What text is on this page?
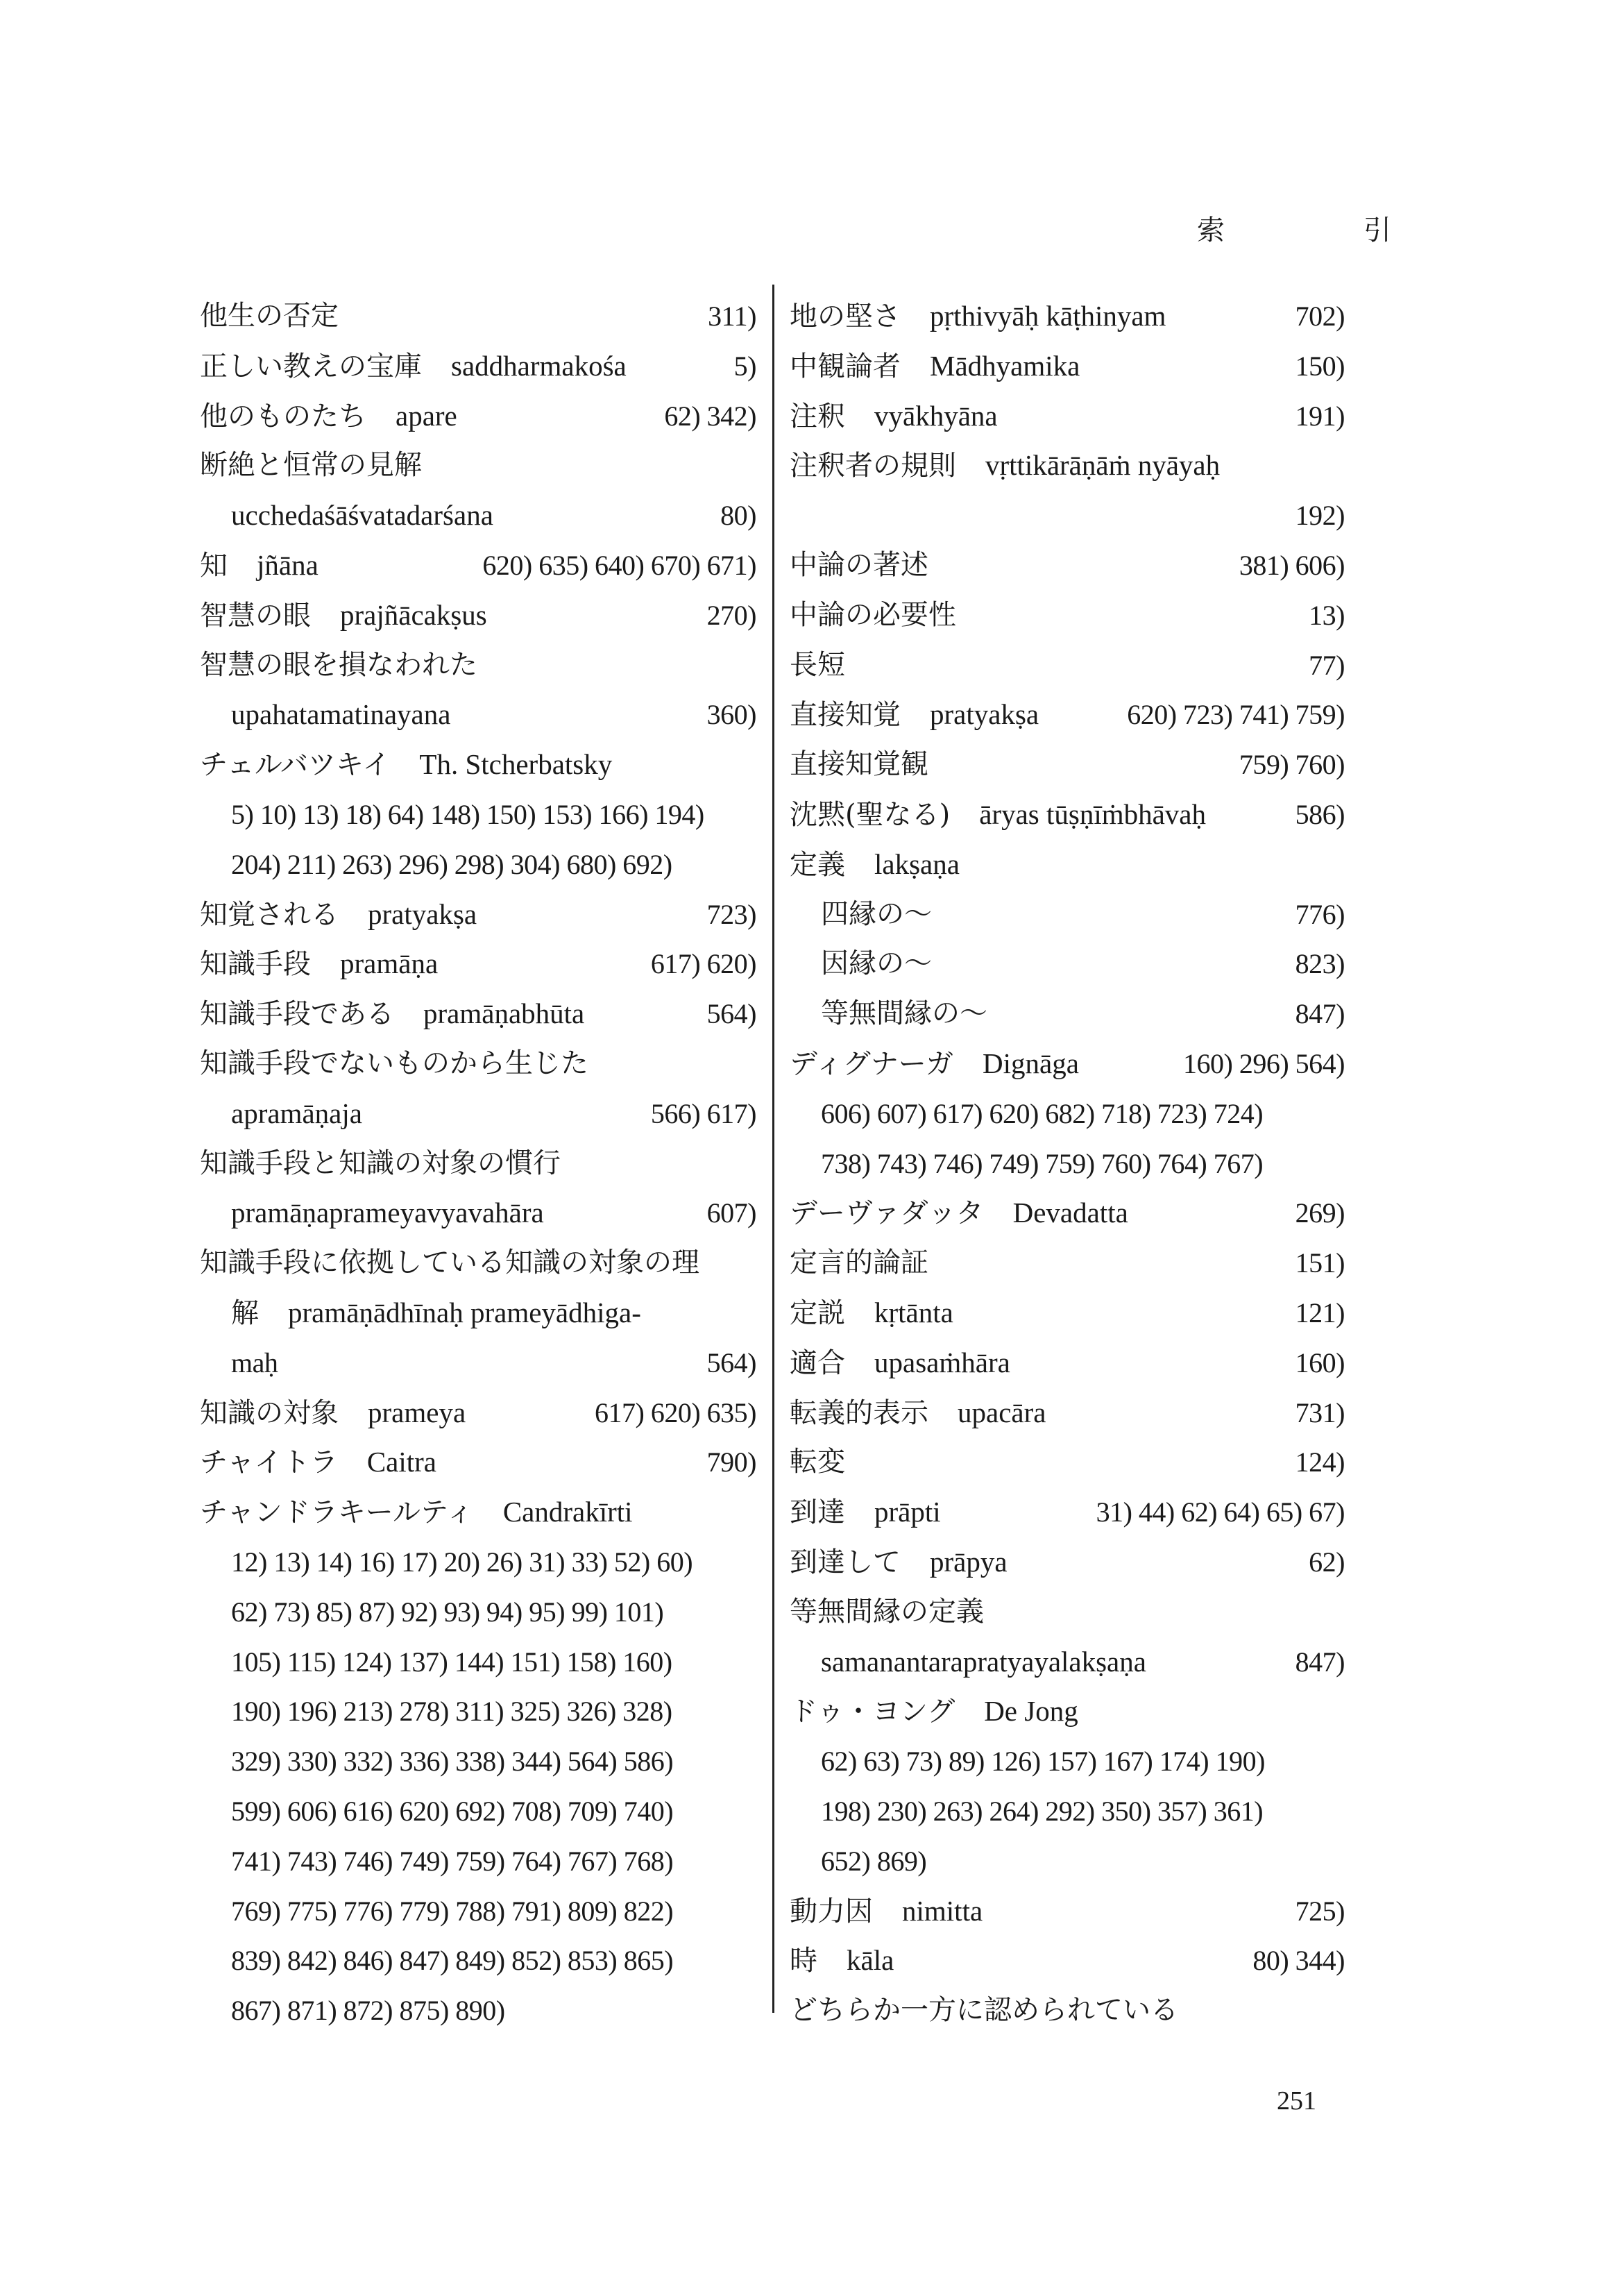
索　引
他生の否定	311)
正しい教えの宝庫 saddharmakośa	5)
他のものたち apare	62) 342)
断絶と恒常の見解
ucchedaśāśvatadarśana	80)
知 jñāna	620) 635) 640) 670) 671)
智慧の眼 prajñācakṣus	270)
智慧の眼を損なわれた
upahatamatinayana	360)
チェルバツキイ Th. Stcherbatsky
5) 10) 13) 18) 64) 148) 150) 153) 166) 194)
204) 211) 263) 296) 298) 304) 680) 692)
知覚される pratyakṣa	723)
知識手段 pramāṇa	617) 620)
知識手段である pramāṇabhūta	564)
知識手段でないものから生じた
apramāṇaja	566) 617)
知識手段と知識の対象の慣行
pramāṇaprameyavyavahāra	607)
知識手段に依拠している知識の対象の理
解 pramāṇādhīnaḥ prameyādhiga-
maḥ	564)
知識の対象 prameya	617) 620) 635)
チャイトラ Caitra	790)
チャンドラキールティ Candrakīrti
12) 13) 14) 16) 17) 20) 26) 31) 33) 52) 60)
62) 73) 85) 87) 92) 93) 94) 95) 99) 101)
105) 115) 124) 137) 144) 151) 158) 160)
190) 196) 213) 278) 311) 325) 326) 328)
329) 330) 332) 336) 338) 344) 564) 586)
599) 606) 616) 620) 692) 708) 709) 740)
741) 743) 746) 749) 759) 764) 767) 768)
769) 775) 776) 779) 788) 791) 809) 822)
839) 842) 846) 847) 849) 852) 853) 865)
867) 871) 872) 875) 890)
地の堅さ pṛthivyāḥ kāṭhinyam	702)
中観論者 Mādhyamika	150)
注釈 vyākhyāna	191)
注釈者の規則 vṛttikārāṇāṁ nyāyaḥ
192)
中論の著述	381) 606)
中論の必要性	13)
長短	77)
直接知覚 pratyakṣa	620) 723) 741) 759)
直接知覚観	759) 760)
沈黙(聖なる) āryas tūṣṇīṁbhāvaḥ	586)
定義 lakṣaṇa
四縁の〜	776)
因縁の〜	823)
等無間縁の〜	847)
ディグナーガ Dignāga	160) 296) 564)
606) 607) 617) 620) 682) 718) 723) 724)
738) 743) 746) 749) 759) 760) 764) 767)
デーヴァダッタ Devadatta	269)
定言的論証	151)
定説 kṛtānta	121)
適合 upasaṁhāra	160)
転義的表示 upacāra	731)
転変	124)
到達 prāpti	31) 44) 62) 64) 65) 67)
到達して prāpya	62)
等無間縁の定義
samanantarapratyayalakṣaṇa	847)
ドゥ・ヨング De Jong
62) 63) 73) 89) 126) 157) 167) 174) 190)
198) 230) 263) 264) 292) 350) 357) 361)
652) 869)
動力因 nimitta	725)
時 kāla	80) 344)
どちらか一方に認められている
251
